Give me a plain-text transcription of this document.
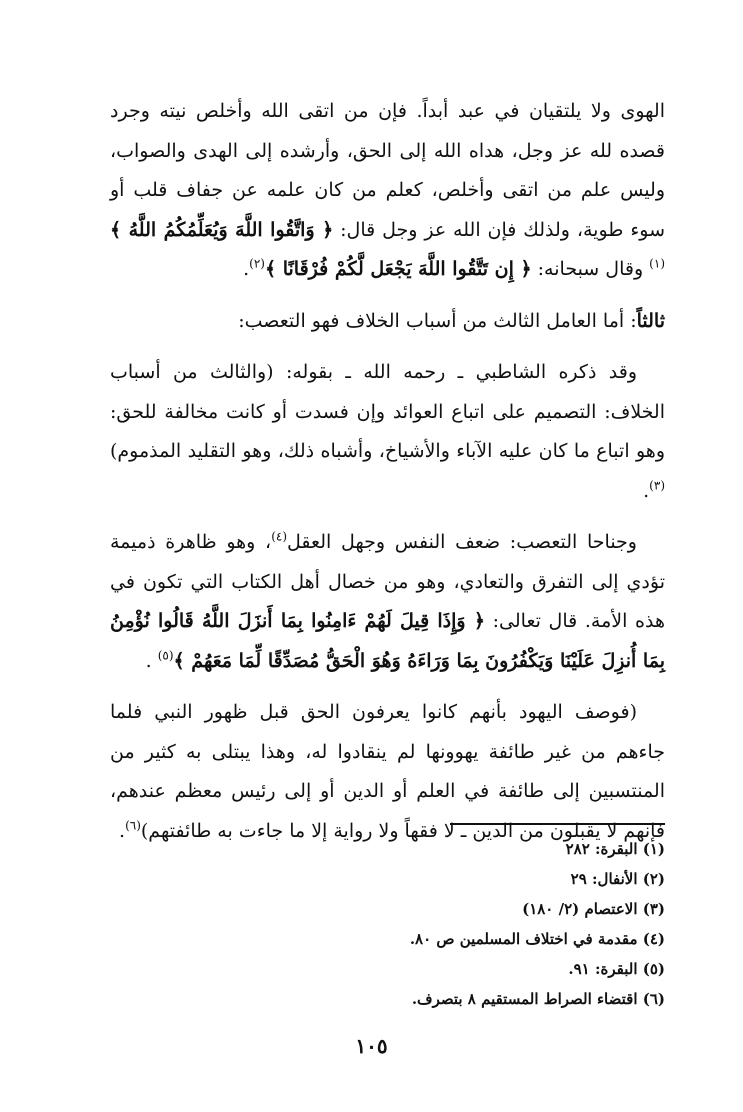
الهوى ولا يلتقيان في عبد أبداً. فإن من اتقى الله وأخلص نيته وجرد قصده لله عز وجل، هداه الله إلى الحق، وأرشده إلى الهدى والصواب، وليس علم من اتقى وأخلص، كعلم من كان علمه عن جفاف قلب أو سوء طوية، ولذلك فإن الله عز وجل قال: ﴿ وَاتَّقُوا اللَّهَ وَيُعَلِّمُكُمُ اللَّهُ ﴾$^{(١)}$ وقال سبحانه: ﴿ إِن تَتَّقُوا اللَّهَ يَجْعَل لَّكُمْ فُرْقَانًا ﴾$^{(٢)}$.

ثالثاً: أما العامل الثالث من أسباب الخلاف فهو التعصب:

وقد ذكره الشاطبي ـ رحمه الله ـ بقوله: (والثالث من أسباب الخلاف: التصميم على اتباع العوائد وإن فسدت أو كانت مخالفة للحق: وهو اتباع ما كان عليه الآباء والأشياخ، وأشباه ذلك، وهو التقليد المذموم)$^{(٣)}$.

وجناحا التعصب: ضعف النفس وجهل العقل$^{(٤)}$، وهو ظاهرة ذميمة تؤدي إلى التفرق والتعادي، وهو من خصال أهل الكتاب التي تكون في هذه الأمة. قال تعالى: ﴿ وَإِذَا قِيلَ لَهُمْ ءَامِنُوا بِمَا أَنزَلَ اللَّهُ قَالُوا نُؤْمِنُ بِمَا أُنزِلَ عَلَيْنَا وَيَكْفُرُونَ بِمَا وَرَاءَهُ وَهُوَ الْحَقُّ مُصَدِّقًا لِّمَا مَعَهُمْ ﴾$^{(٥)}$ .

(فوصف اليهود بأنهم كانوا يعرفون الحق قبل ظهور النبي فلما جاءهم من غير طائفة يهوونها لم ينقادوا له، وهذا يبتلى به كثير من المنتسبين إلى طائفة في العلم أو الدين أو إلى رئيس معظم عندهم، فإنهم لا يقبلون من الدين ـ لا فقهاً ولا رواية إلا ما جاءت به طائفتهم)$^{(٦)}$.

(١) البقرة: ٢٨٢
(٢) الأنفال: ٢٩
(٣) الاعتصام (٢/ ١٨٠)
(٤) مقدمة في اختلاف المسلمين ص ٨٠.
(٥) البقرة: ٩١.
(٦) اقتضاء الصراط المستقيم ٨ بتصرف.
١٠٥
